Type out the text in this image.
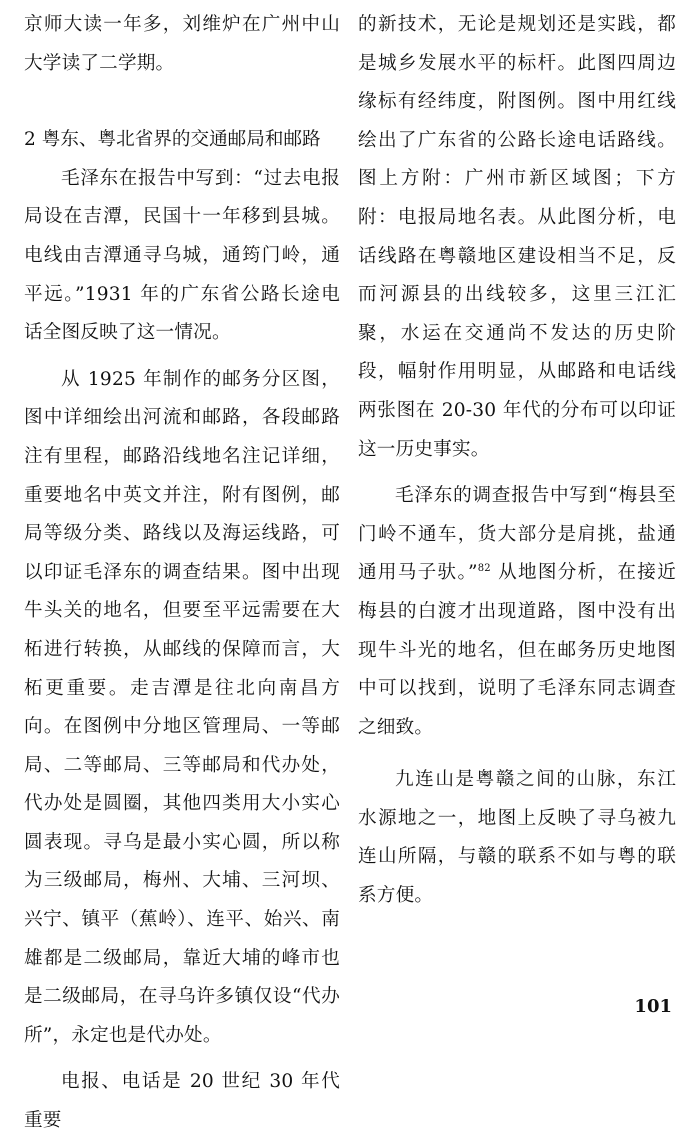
京师大读一年多，刘维炉在广州中山大学读了二学期。

2 粤东、粤北省界的交通邮局和邮路

毛泽东在报告中写到：“过去电报局设在吉潭，民国十一年移到县城。电线由吉潭通寻乌城，通筠门岭，通平远。”1931 年的广东省公路长途电话全图反映了这一情况。

从 1925 年制作的邮务分区图，图中详细绘出河流和邮路，各段邮路注有里程，邮路沿线地名注记详细，重要地名中英文并注，附有图例，邮局等级分类、路线以及海运线路，可以印证毛泽东的调查结果。图中出现牛头关的地名，但要至平远需要在大柘进行转换，从邮线的保障而言，大柘更重要。走吉潭是往北向南昌方向。在图例中分地区管理局、一等邮局、二等邮局、三等邮局和代办处，代办处是圆圈，其他四类用大小实心圆表现。寻乌是最小实心圆，所以称为三级邮局，梅州、大埔、三河坝、兴宁、镇平（蕉岭）、连平、始兴、南雄都是二级邮局，靠近大埔的峰市也是二级邮局，在寻乌许多镇仅设“代办所”，永定也是代办处。

电报、电话是 20 世纪 30 年代重要

的新技术，无论是规划还是实践，都是城乡发展水平的标杆。此图四周边缘标有经纬度，附图例。图中用红线绘出了广东省的公路长途电话路线。图上方附：广州市新区域图；下方附：电报局地名表。从此图分析，电话线路在粤赣地区建设相当不足，反而河源县的出线较多，这里三江汇聚，水运在交通尚不发达的历史阶段，幅射作用明显，从邮路和电话线两张图在 20-30 年代的分布可以印证这一历史事实。

毛泽东的调查报告中写到“梅县至门岭不通车，货大部分是肩挑，盐通通用马子驮。”$^{82}$ 从地图分析，在接近梅县的白渡才出现道路，图中没有出现牛斗光的地名，但在邮务历史地图中可以找到，说明了毛泽东同志调查之细致。

九连山是粤赣之间的山脉，东江水源地之一，地图上反映了寻乌被九连山所隔，与赣的联系不如与粤的联系方便。

101
